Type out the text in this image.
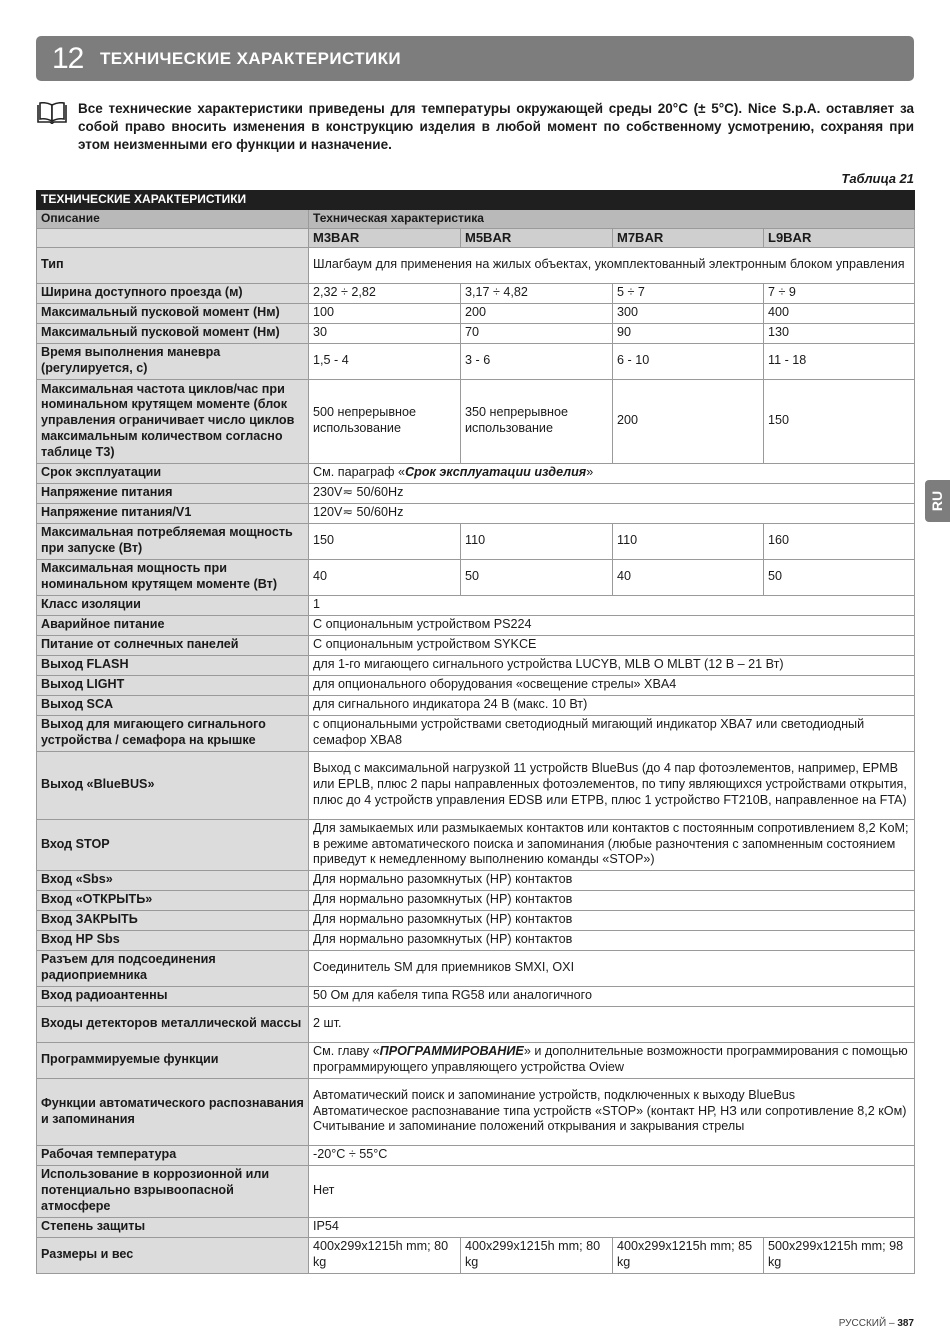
12 ТЕХНИЧЕСКИЕ ХАРАКТЕРИСТИКИ
Все технические характеристики приведены для температуры окружающей среды 20°C (± 5°C). Nice S.p.A. оставляет за собой право вносить изменения в конструкцию изделия в любой момент по собственному усмотрению, сохраняя при этом неизменными его функции и назначение.
Таблица 21
ТЕХНИЧЕСКИЕ ХАРАКТЕРИСТИКИ				
Описание	Техническая характеристика			
	M3BAR	M5BAR	M7BAR	L9BAR
Тип	Шлагбаум для применения на жилых объектах, укомплектованный электронным блоком управления			
Ширина доступного проезда (м)	2,32 ÷ 2,82	3,17 ÷ 4,82	5 ÷ 7	7 ÷ 9
Максимальный пусковой момент (Нм)	100	200	300	400
Максимальный пусковой момент (Нм)	30	70	90	130
Время выполнения маневра (регулируется, с)	1,5 - 4	3 - 6	6 - 10	11 - 18
Максимальная частота циклов/час при номинальном крутящем моменте (блок управления ограничивает число циклов максимальным количеством согласно таблице T3)	500 непрерывное использование	350 непрерывное использование	200	150
Срок эксплуатации	См. параграф «Срок эксплуатации изделия»			
Напряжение питания	230V≂ 50/60Hz			
Напряжение питания/V1	120V≂ 50/60Hz			
Максимальная потребляемая мощность при запуске (Вт)	150	110	110	160
Максимальная мощность при номинальном крутящем моменте (Вт)	40	50	40	50
Класс изоляции	1			
Аварийное питание	С опциональным устройством PS224			
Питание от солнечных панелей	С опциональным устройством SYKCE			
Выход FLASH	для 1-го мигающего сигнального устройства LUCYB, MLB O MLBT (12 В – 21 Вт)			
Выход LIGHT	для опционального оборудования «освещение стрелы» XBA4			
Выход SCA	для сигнального индикатора 24 В (макс. 10 Вт)			
Выход для мигающего сигнального устройства / семафора на крышке	с опциональными устройствами светодиодный мигающий индикатор XBA7 или светодиодный семафор XBA8			
Выход «BlueBUS»	Выход с максимальной нагрузкой 11 устройств BlueBus (до 4 пар фотоэлементов, например, EPMB или EPLB, плюс 2 пары направленных фотоэлементов, по типу являющихся устройствами открытия, плюс до 4 устройств управления EDSB или ETPB, плюс 1 устройство FT210B, направленное на FTA)			
Вход STOP	Для замыкаемых или размыкаемых контактов или контактов с постоянным сопротивлением 8,2 KoM; в режиме автоматического поиска и запоминания (любые разночтения с запомненным состоянием приведут к немедленному выполнению команды «STOP»)			
Вход «Sbs»	Для нормально разомкнутых (НР) контактов			
Вход «ОТКРЫТЬ»	Для нормально разомкнутых (НР) контактов			
Вход ЗАКРЫТЬ	Для нормально разомкнутых (НР) контактов			
Вход НР Sbs	Для нормально разомкнутых (НР) контактов			
Разъем для подсоединения радиоприемника	Соединитель SM для приемников SMXI, OXI			
Вход радиоантенны	50 Ом для кабеля типа RG58 или аналогичного			
Входы детекторов металлической массы	2 шт.			
Программируемые функции	См. главу «ПРОГРАММИРОВАНИЕ» и дополнительные возможности программирования с помощью программирующего управляющего устройства Oview			
Функции автоматического распознавания и запоминания	Автоматический поиск и запоминание устройств, подключенных к выходу BlueBus
Автоматическое распознавание типа устройств «STOP» (контакт НР, НЗ или сопротивление 8,2 кОм)
Считывание и запоминание положений открывания и закрывания стрелы			

Рабочая температура	-20°C ÷ 55°C			
Использование в коррозионной или потенциально взрывоопасной атмосфере	Нет			
Степень защиты	IP54			
Размеры и вес	400x299x1215h mm; 80 kg	400x299x1215h mm; 80 kg	400x299x1215h mm; 85 kg	500x299x1215h mm; 98 kg
RU
РУССКИЙ – 387
